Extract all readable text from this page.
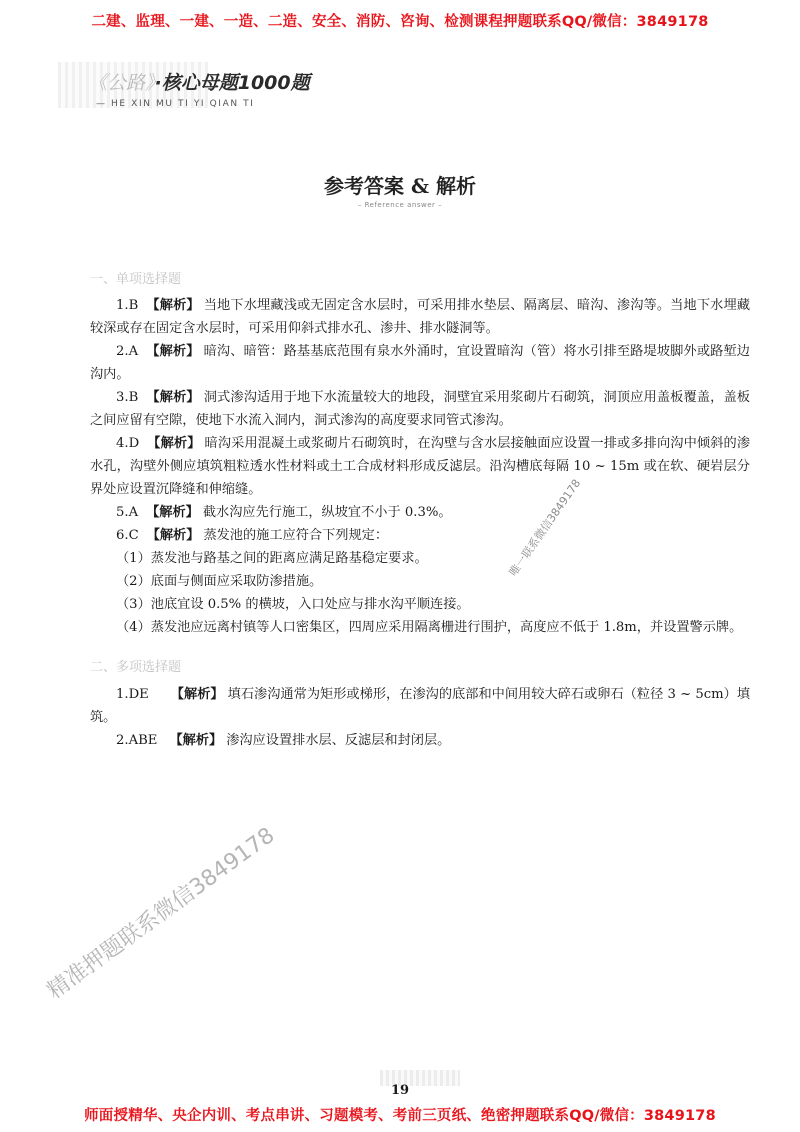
二建、监理、一建、一造、二造、安全、消防、咨询、检测课程押题联系QQ/微信：3849178
《公路》·核心母题1000题
— HE XIN MU TI YI QIAN TI
参考答案 & 解析
– Reference answer –
一、单项选择题

1.B 【解析】 当地下水埋藏浅或无固定含水层时，可采用排水垫层、隔离层、暗沟、渗沟等。当地下水埋藏较深或存在固定含水层时，可采用仰斜式排水孔、渗井、排水隧洞等。

2.A 【解析】 暗沟、暗管：路基基底范围有泉水外涌时，宜设置暗沟（管）将水引排至路堤坡脚外或路堑边沟内。

3.B 【解析】 洞式渗沟适用于地下水流量较大的地段，洞壁宜采用浆砌片石砌筑，洞顶应用盖板覆盖，盖板之间应留有空隙，使地下水流入洞内，洞式渗沟的高度要求同管式渗沟。

4.D 【解析】 暗沟采用混凝土或浆砌片石砌筑时，在沟壁与含水层接触面应设置一排或多排向沟中倾斜的渗水孔，沟壁外侧应填筑粗粒透水性材料或土工合成材料形成反滤层。沿沟槽底每隔 10 ~ 15m 或在软、硬岩层分界处应设置沉降缝和伸缩缝。

5.A 【解析】 截水沟应先行施工，纵坡宜不小于 0.3%。

6.C 【解析】 蒸发池的施工应符合下列规定：

（1）蒸发池与路基之间的距离应满足路基稳定要求。

（2）底面与侧面应采取防渗措施。

（3）池底宜设 0.5% 的横坡，入口处应与排水沟平顺连接。

（4）蒸发池应远离村镇等人口密集区，四周应采用隔离栅进行围护，高度应不低于 1.8m，并设置警示牌。

二、多项选择题

1.DE 【解析】 填石渗沟通常为矩形或梯形，在渗沟的底部和中间用较大碎石或卵石（粒径 3 ~ 5cm）填筑。

2.ABE 【解析】 渗沟应设置排水层、反滤层和封闭层。

唯一联系微信3849178
精准押题联系微信3849178
19
师面授精华、央企内训、考点串讲、习题模考、考前三页纸、绝密押题联系QQ/微信：3849178
